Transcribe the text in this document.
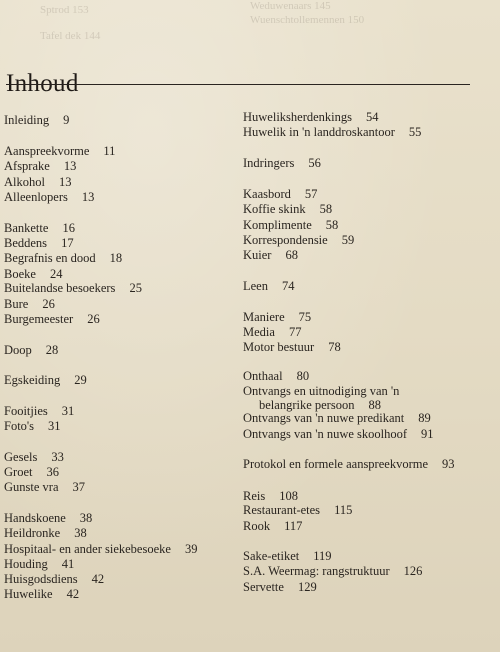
Sptrod 153	Weduwenaars 145
Tafel dek 144
Wuenschtollemennen 150
Inhoud
Inleiding 9
Aanspreekvorme 11
Afsprake 13
Alkohol 13
Alleenlopers 13
Bankette 16
Beddens 17
Begrafnis en dood 18
Boeke 24
Buitelandse besoekers 25
Bure 26
Burgemeester 26
Doop 28
Egskeiding 29
Fooitjies 31
Foto's 31
Gesels 33
Groet 36
Gunste vra 37
Handskoene 38
Heildronke 38
Hospitaal- en ander siekebesoeke 39
Houding 41
Huisgodsdiens 42
Huwelike 42
Huweliksherdenkings 54
Huwelik in 'n landdroskantoor 55
Indringers 56
Kaasbord 57
Koffie skink 58
Komplimente 58
Korrespondensie 59
Kuier 68
Leen 74
Maniere 75
Media 77
Motor bestuur 78
Onthaal 80
Ontvangs en uitnodiging van 'n
belangrike persoon 88
Ontvangs van 'n nuwe predikant 89
Ontvangs van 'n nuwe skoolhoof 91
Protokol en formele aanspreekvorme 93
Reis 108
Restaurant-etes 115
Rook 117
Sake-etiket 119
S.A. Weermag: rangstruktuur 126
Servette 129
